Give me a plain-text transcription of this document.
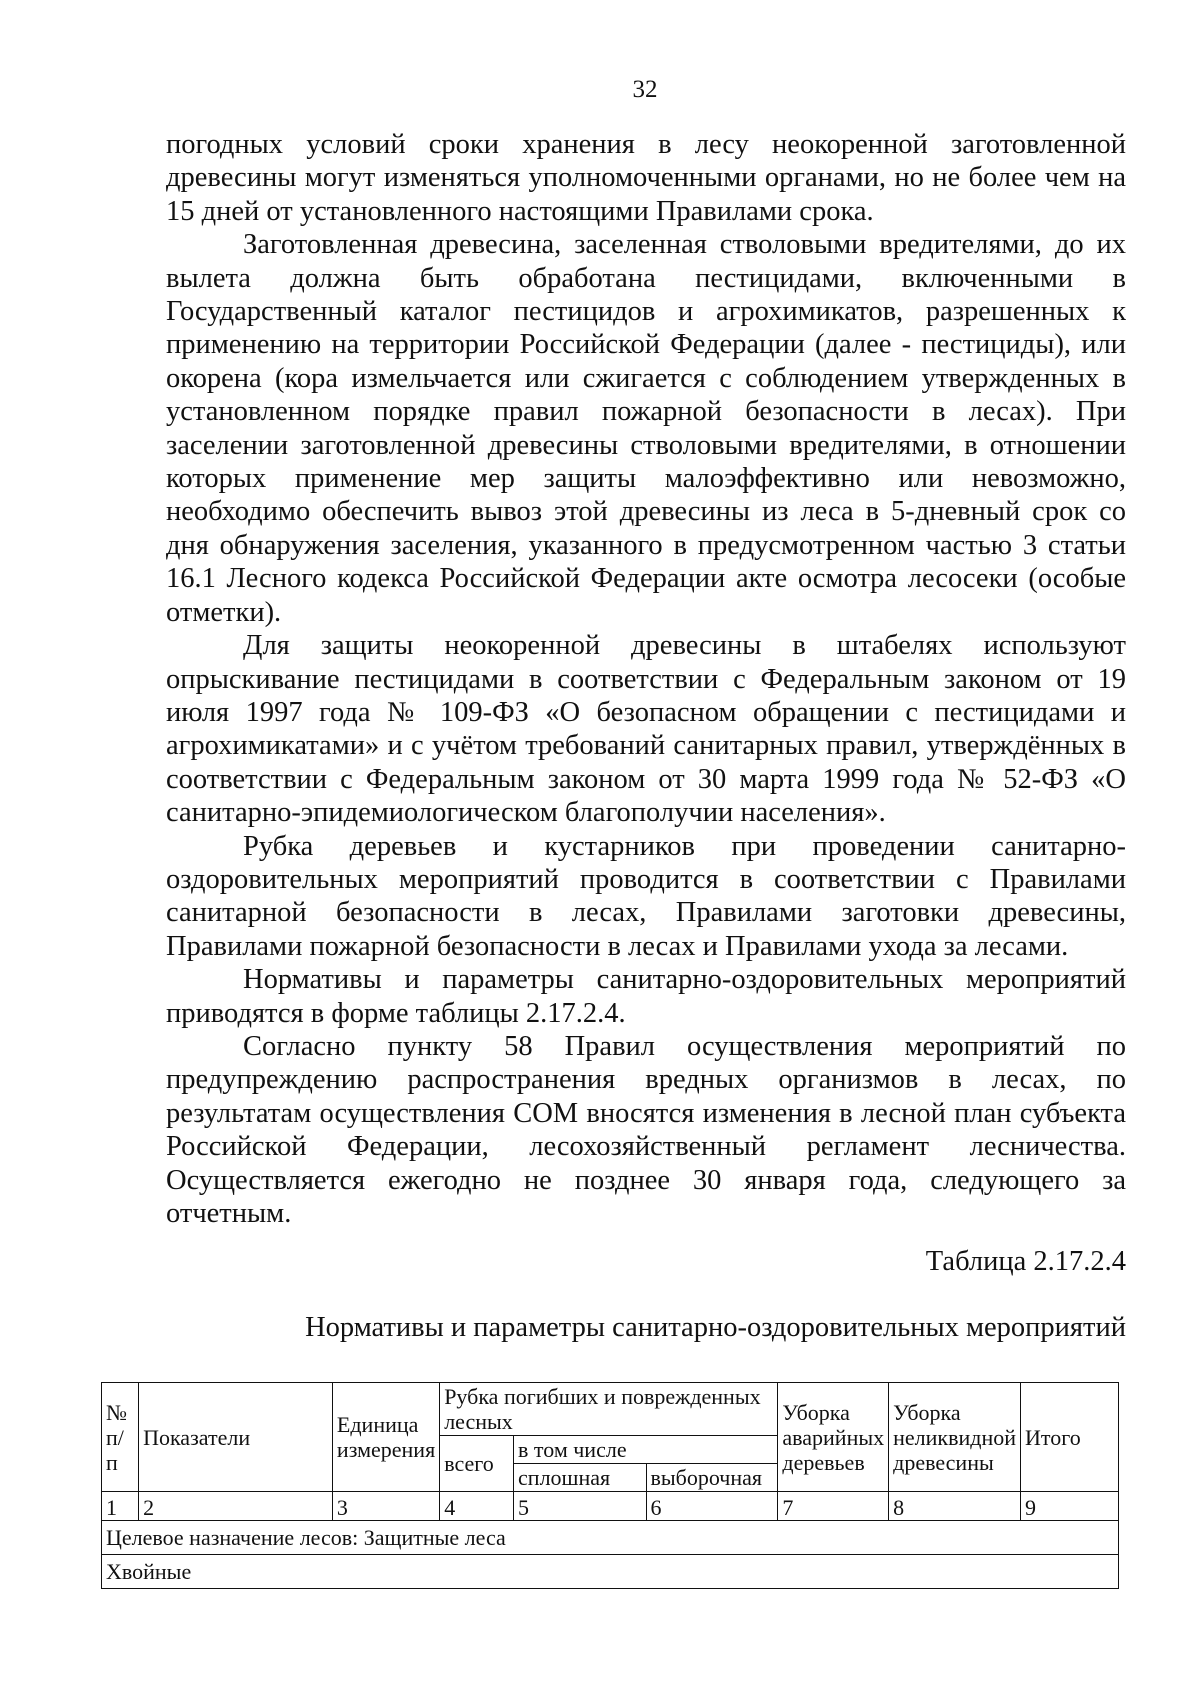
32

погодных условий сроки хранения в лесу неокоренной заготовленной древесины могут изменяться уполномоченными органами, но не более чем на 15 дней от установленного настоящими Правилами срока.

Заготовленная древесина, заселенная стволовыми вредителями, до их вылета должна быть обработана пестицидами, включенными в Государственный каталог пестицидов и агрохимикатов, разрешенных к применению на территории Российской Федерации (далее - пестициды), или окорена (кора измельчается или сжигается с соблюдением утвержденных в установленном порядке правил пожарной безопасности в лесах). При заселении заготовленной древесины стволовыми вредителями, в отношении которых применение мер защиты малоэффективно или невозможно, необходимо обеспечить вывоз этой древесины из леса в 5-дневный срок со дня обнаружения заселения, указанного в предусмотренном частью 3 статьи 16.1 Лесного кодекса Российской Федерации акте осмотра лесосеки (особые отметки).

Для защиты неокоренной древесины в штабелях используют опрыскивание пестицидами в соответствии с Федеральным законом от 19 июля 1997 года № 109-ФЗ «О безопасном обращении с пестицидами и агрохимикатами» и с учётом требований санитарных правил, утверждённых в соответствии с Федеральным законом от 30 марта 1999 года № 52-ФЗ «О санитарно-эпидемиологическом благополучии населения».

Рубка деревьев и кустарников при проведении санитарно-оздоровительных мероприятий проводится в соответствии с Правилами санитарной безопасности в лесах, Правилами заготовки древесины, Правилами пожарной безопасности в лесах и Правилами ухода за лесами.

Нормативы и параметры санитарно-оздоровительных мероприятий приводятся в форме таблицы 2.17.2.4.

Согласно пункту 58 Правил осуществления мероприятий по предупреждению распространения вредных организмов в лесах, по результатам осуществления СОМ вносятся изменения в лесной план субъекта Российской Федерации, лесохозяйственный регламент лесничества. Осуществляется ежегодно не позднее 30 января года, следующего за отчетным.

Таблица 2.17.2.4
Нормативы и параметры санитарно-оздоровительных мероприятий
№ п/п	Показатели	Единица измерения	Рубка погибших и поврежденных лесных			Уборка аварийных деревьев	Уборка неликвидной древесины	Итого
			всего	в том числе				
				сплошная	выборочная			
1	2	3	4	5	6	7	8	9
Целевое назначение лесов: Защитные леса								
Хвойные								
